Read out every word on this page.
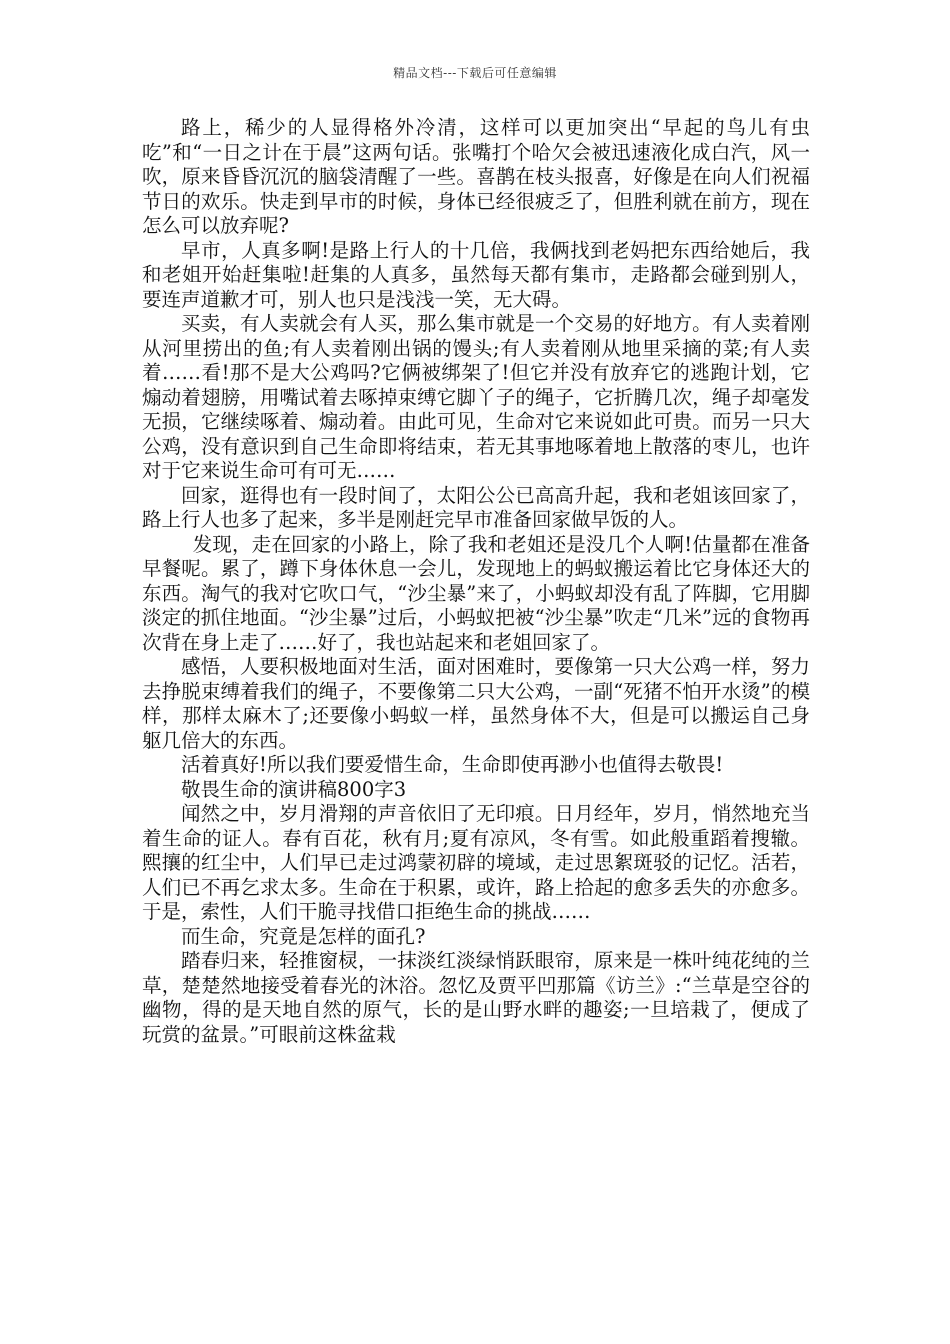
精品文档---下载后可任意编辑

路上，稀少的人显得格外冷清，这样可以更加突出“早起的鸟儿有虫吃”和“一日之计在于晨”这两句话。张嘴打个哈欠会被迅速液化成白汽，风一吹，原来昏昏沉沉的脑袋清醒了一些。喜鹊在枝头报喜，好像是在向人们祝福节日的欢乐。快走到早市的时候，身体已经很疲乏了，但胜利就在前方，现在怎么可以放弃呢?

早市，人真多啊!是路上行人的十几倍，我俩找到老妈把东西给她后，我和老姐开始赶集啦!赶集的人真多，虽然每天都有集市，走路都会碰到别人，要连声道歉才可，别人也只是浅浅一笑，无大碍。

买卖，有人卖就会有人买，那么集市就是一个交易的好地方。有人卖着刚从河里捞出的鱼;有人卖着刚出锅的馒头;有人卖着刚从地里采摘的菜;有人卖着……看!那不是大公鸡吗?它俩被绑架了!但它并没有放弃它的逃跑计划，它煽动着翅膀，用嘴试着去啄掉束缚它脚丫子的绳子，它折腾几次，绳子却毫发无损，它继续啄着、煽动着。由此可见，生命对它来说如此可贵。而另一只大公鸡，没有意识到自己生命即将结束，若无其事地啄着地上散落的枣儿，也许对于它来说生命可有可无……

回家，逛得也有一段时间了，太阳公公已高高升起，我和老姐该回家了，路上行人也多了起来，多半是刚赶完早市准备回家做早饭的人。

发现，走在回家的小路上，除了我和老姐还是没几个人啊!估量都在准备早餐呢。累了，蹲下身体休息一会儿，发现地上的蚂蚁搬运着比它身体还大的东西。淘气的我对它吹口气，“沙尘暴”来了，小蚂蚁却没有乱了阵脚，它用脚淡定的抓住地面。“沙尘暴”过后，小蚂蚁把被“沙尘暴”吹走“几米”远的食物再次背在身上走了……好了，我也站起来和老姐回家了。

感悟，人要积极地面对生活，面对困难时，要像第一只大公鸡一样，努力去挣脱束缚着我们的绳子，不要像第二只大公鸡，一副“死猪不怕开水烫”的模样，那样太麻木了;还要像小蚂蚁一样，虽然身体不大，但是可以搬运自己身躯几倍大的东西。

活着真好!所以我们要爱惜生命，生命即使再渺小也值得去敬畏!

敬畏生命的演讲稿800字3

闻然之中，岁月滑翔的声音依旧了无印痕。日月经年，岁月，悄然地充当着生命的证人。春有百花，秋有月;夏有凉风，冬有雪。如此般重蹈着搜辙。熙攘的红尘中，人们早已走过鸿蒙初辟的境域，走过思絮斑驳的记忆。活若，人们已不再乞求太多。生命在于积累，或许，路上拾起的愈多丢失的亦愈多。于是，索性，人们干脆寻找借口拒绝生命的挑战……

而生命，究竟是怎样的面孔?

踏春归来，轻推窗棂，一抹淡红淡绿悄跃眼帘，原来是一株叶纯花纯的兰草，楚楚然地接受着春光的沐浴。忽忆及贾平凹那篇《访兰》:“兰草是空谷的幽物，得的是天地自然的原气，长的是山野水畔的趣姿;一旦培栽了，便成了玩赏的盆景。”可眼前这株盆栽
